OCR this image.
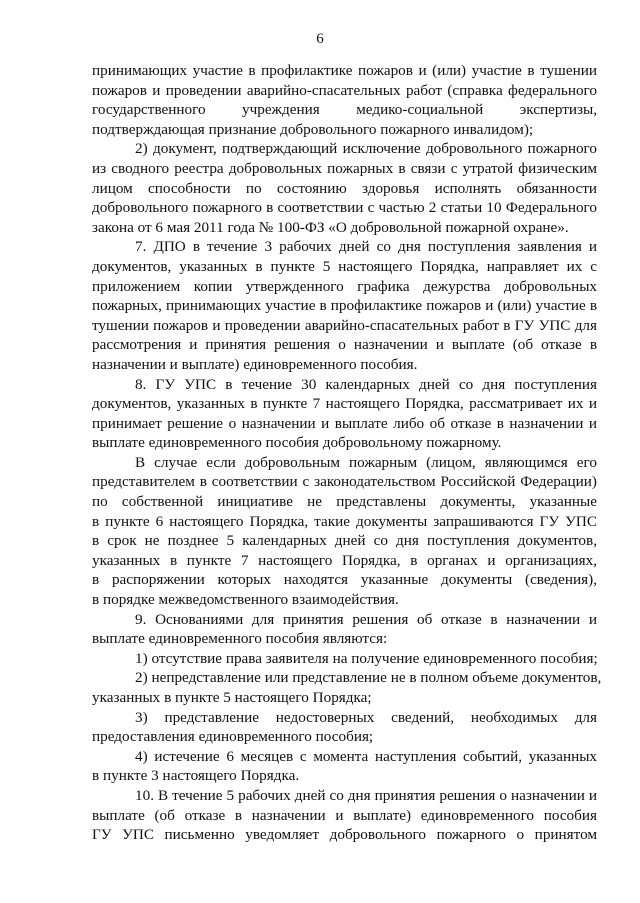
6
принимающих участие в профилактике пожаров и (или) участие в тушении
пожаров и проведении аварийно-спасательных работ (справка федерального
государственного учреждения медико-социальной экспертизы,
подтверждающая признание добровольного пожарного инвалидом);
2) документ, подтверждающий исключение добровольного пожарного
из сводного реестра добровольных пожарных в связи с утратой физическим
лицом способности по состоянию здоровья исполнять обязанности
добровольного пожарного в соответствии с частью 2 статьи 10 Федерального
закона от 6 мая 2011 года № 100-ФЗ «О добровольной пожарной охране».
7. ДПО в течение 3 рабочих дней со дня поступления заявления и
документов, указанных в пункте 5 настоящего Порядка, направляет их с
приложением копии утвержденного графика дежурства добровольных
пожарных, принимающих участие в профилактике пожаров и (или) участие в
тушении пожаров и проведении аварийно-спасательных работ в ГУ УПС для
рассмотрения и принятия решения о назначении и выплате (об отказе в
назначении и выплате) единовременного пособия.
8. ГУ УПС в течение 30 календарных дней со дня поступления
документов, указанных в пункте 7 настоящего Порядка, рассматривает их и
принимает решение о назначении и выплате либо об отказе в назначении и
выплате единовременного пособия добровольному пожарному.
В случае если добровольным пожарным (лицом, являющимся его
представителем в соответствии с законодательством Российской Федерации)
по собственной инициативе не представлены документы, указанные
в пункте 6 настоящего Порядка, такие документы запрашиваются ГУ УПС
в срок не позднее 5 календарных дней со дня поступления документов,
указанных в пункте 7 настоящего Порядка, в органах и организациях,
в распоряжении которых находятся указанные документы (сведения),
в порядке межведомственного взаимодействия.
9. Основаниями для принятия решения об отказе в назначении и
выплате единовременного пособия являются:
1) отсутствие права заявителя на получение единовременного пособия;
2) непредставление или представление не в полном объеме документов,
указанных в пункте 5 настоящего Порядка;
3) представление недостоверных сведений, необходимых для
предоставления единовременного пособия;
4) истечение 6 месяцев с момента наступления событий, указанных
в пункте 3 настоящего Порядка.
10. В течение 5 рабочих дней со дня принятия решения о назначении и
выплате (об отказе в назначении и выплате) единовременного пособия
ГУ УПС письменно уведомляет добровольного пожарного о принятом
